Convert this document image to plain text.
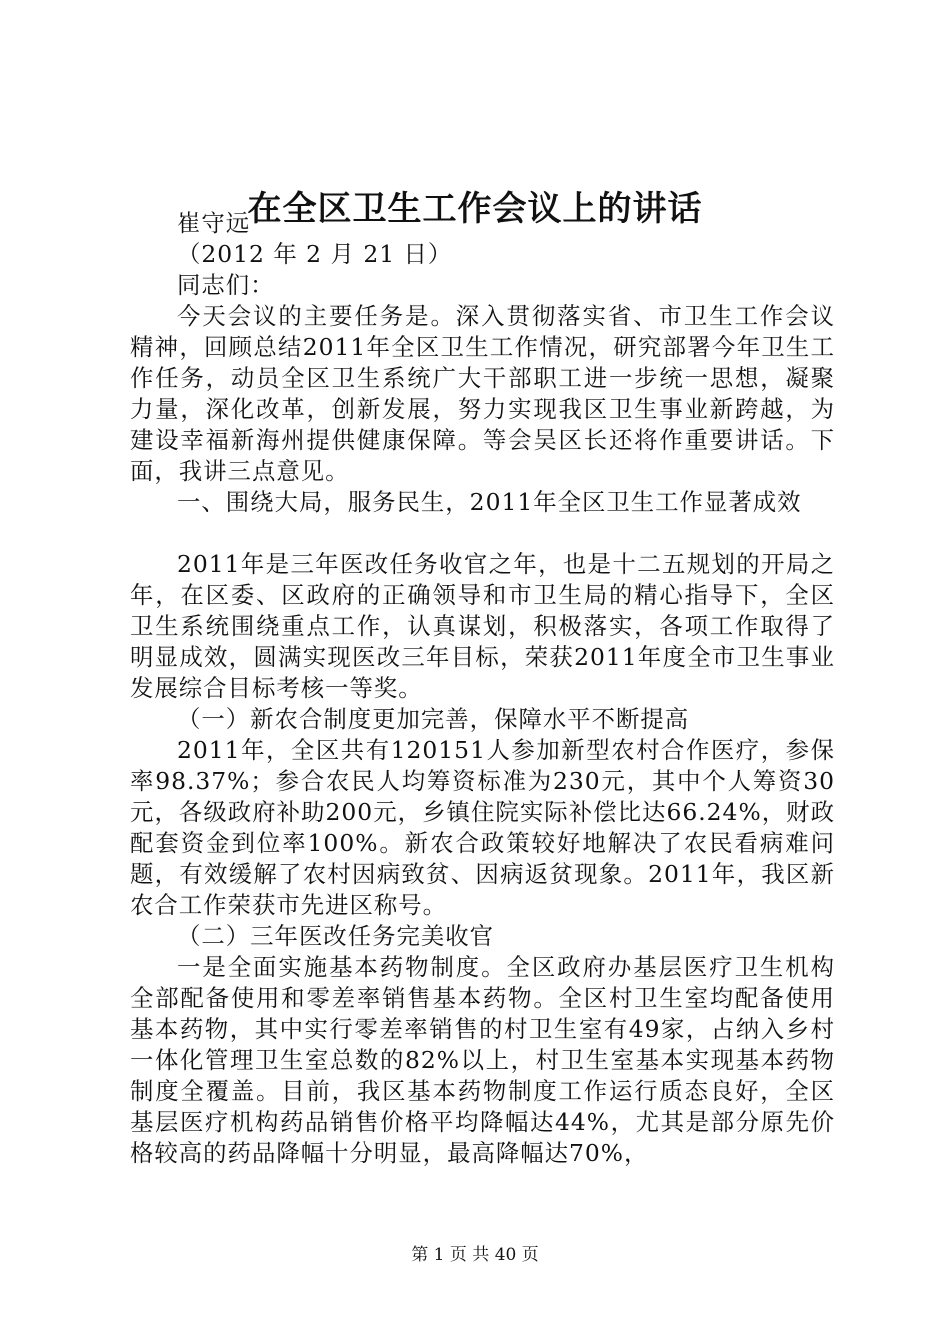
在全区卫生工作会议上的讲话

崔守远

（2012 年 2 月 21 日）

同志们：

今天会议的主要任务是。深入贯彻落实省、市卫生工作会议精神，回顾总结2011年全区卫生工作情况，研究部署今年卫生工作任务，动员全区卫生系统广大干部职工进一步统一思想，凝聚力量，深化改革，创新发展，努力实现我区卫生事业新跨越，为建设幸福新海州提供健康保障。等会吴区长还将作重要讲话。下面，我讲三点意见。

一、围绕大局，服务民生，2011年全区卫生工作显著成效

2011年是三年医改任务收官之年，也是十二五规划的开局之年，在区委、区政府的正确领导和市卫生局的精心指导下，全区卫生系统围绕重点工作，认真谋划，积极落实，各项工作取得了明显成效，圆满实现医改三年目标，荣获2011年度全市卫生事业发展综合目标考核一等奖。

（一）新农合制度更加完善，保障水平不断提高

2011年，全区共有120151人参加新型农村合作医疗，参保率98.37%；参合农民人均筹资标准为230元，其中个人筹资30元，各级政府补助200元，乡镇住院实际补偿比达66.24%，财政配套资金到位率100%。新农合政策较好地解决了农民看病难问题，有效缓解了农村因病致贫、因病返贫现象。2011年，我区新农合工作荣获市先进区称号。

（二）三年医改任务完美收官

一是全面实施基本药物制度。全区政府办基层医疗卫生机构全部配备使用和零差率销售基本药物。全区村卫生室均配备使用基本药物，其中实行零差率销售的村卫生室有49家，占纳入乡村一体化管理卫生室总数的82%以上，村卫生室基本实现基本药物制度全覆盖。目前，我区基本药物制度工作运行质态良好，全区基层医疗机构药品销售价格平均降幅达44%，尤其是部分原先价格较高的药品降幅十分明显，最高降幅达70%，

第 1 页 共 40 页
